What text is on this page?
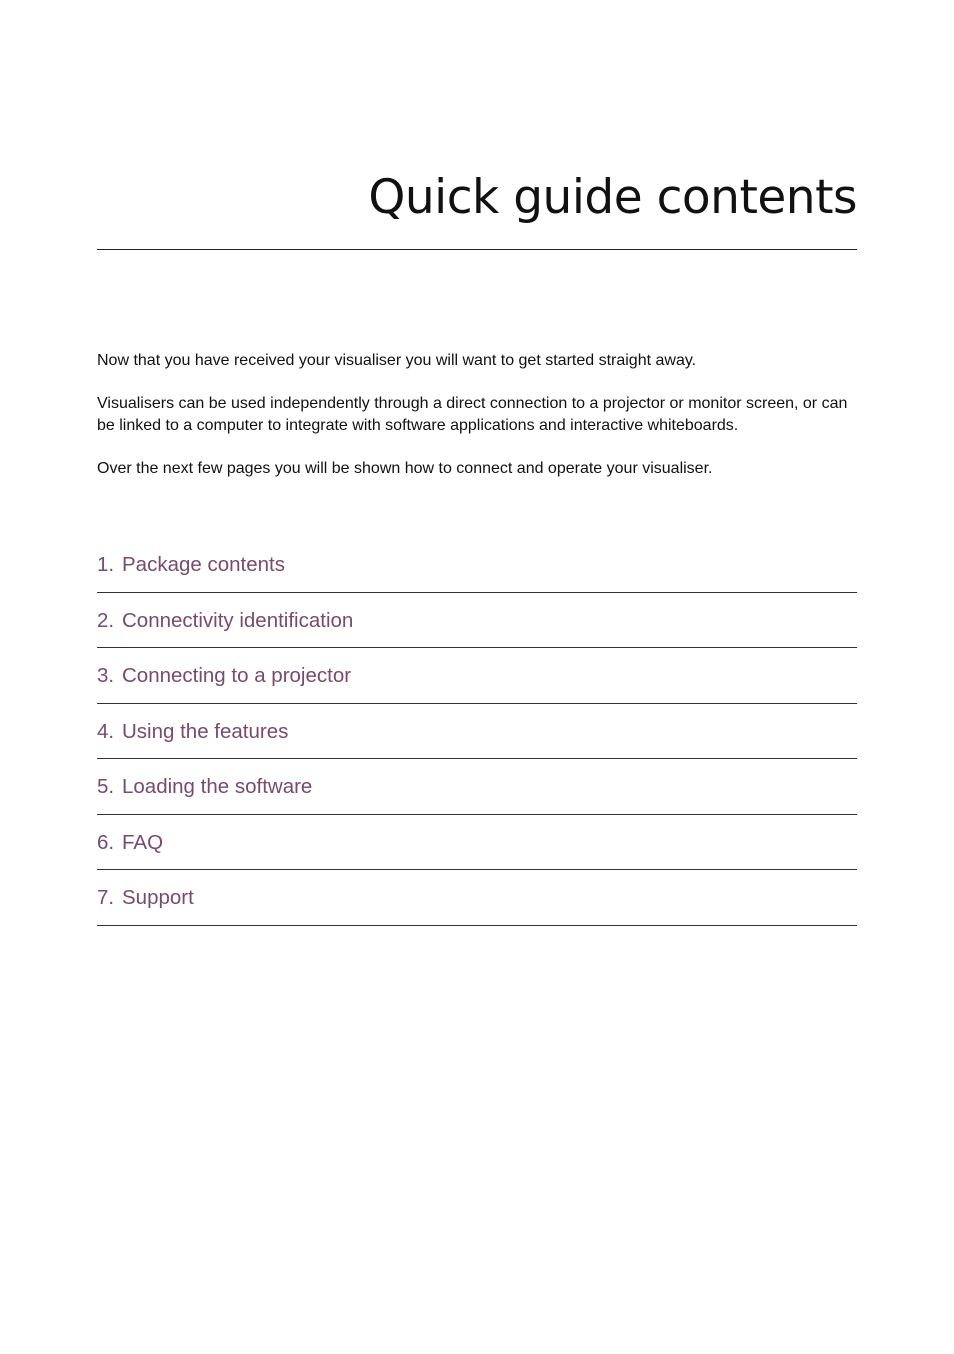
Quick guide contents

Now that you have received your visualiser you will want to get started straight away.

Visualisers can be used independently through a direct connection to a projector or monitor screen, or can be linked to a computer to integrate with software applications and interactive whiteboards.

Over the next few pages you will be shown how to connect and operate your visualiser.

1. Package contents
2. Connectivity identification
3. Connecting to a projector
4. Using the features
5. Loading the software
6. FAQ
7. Support
